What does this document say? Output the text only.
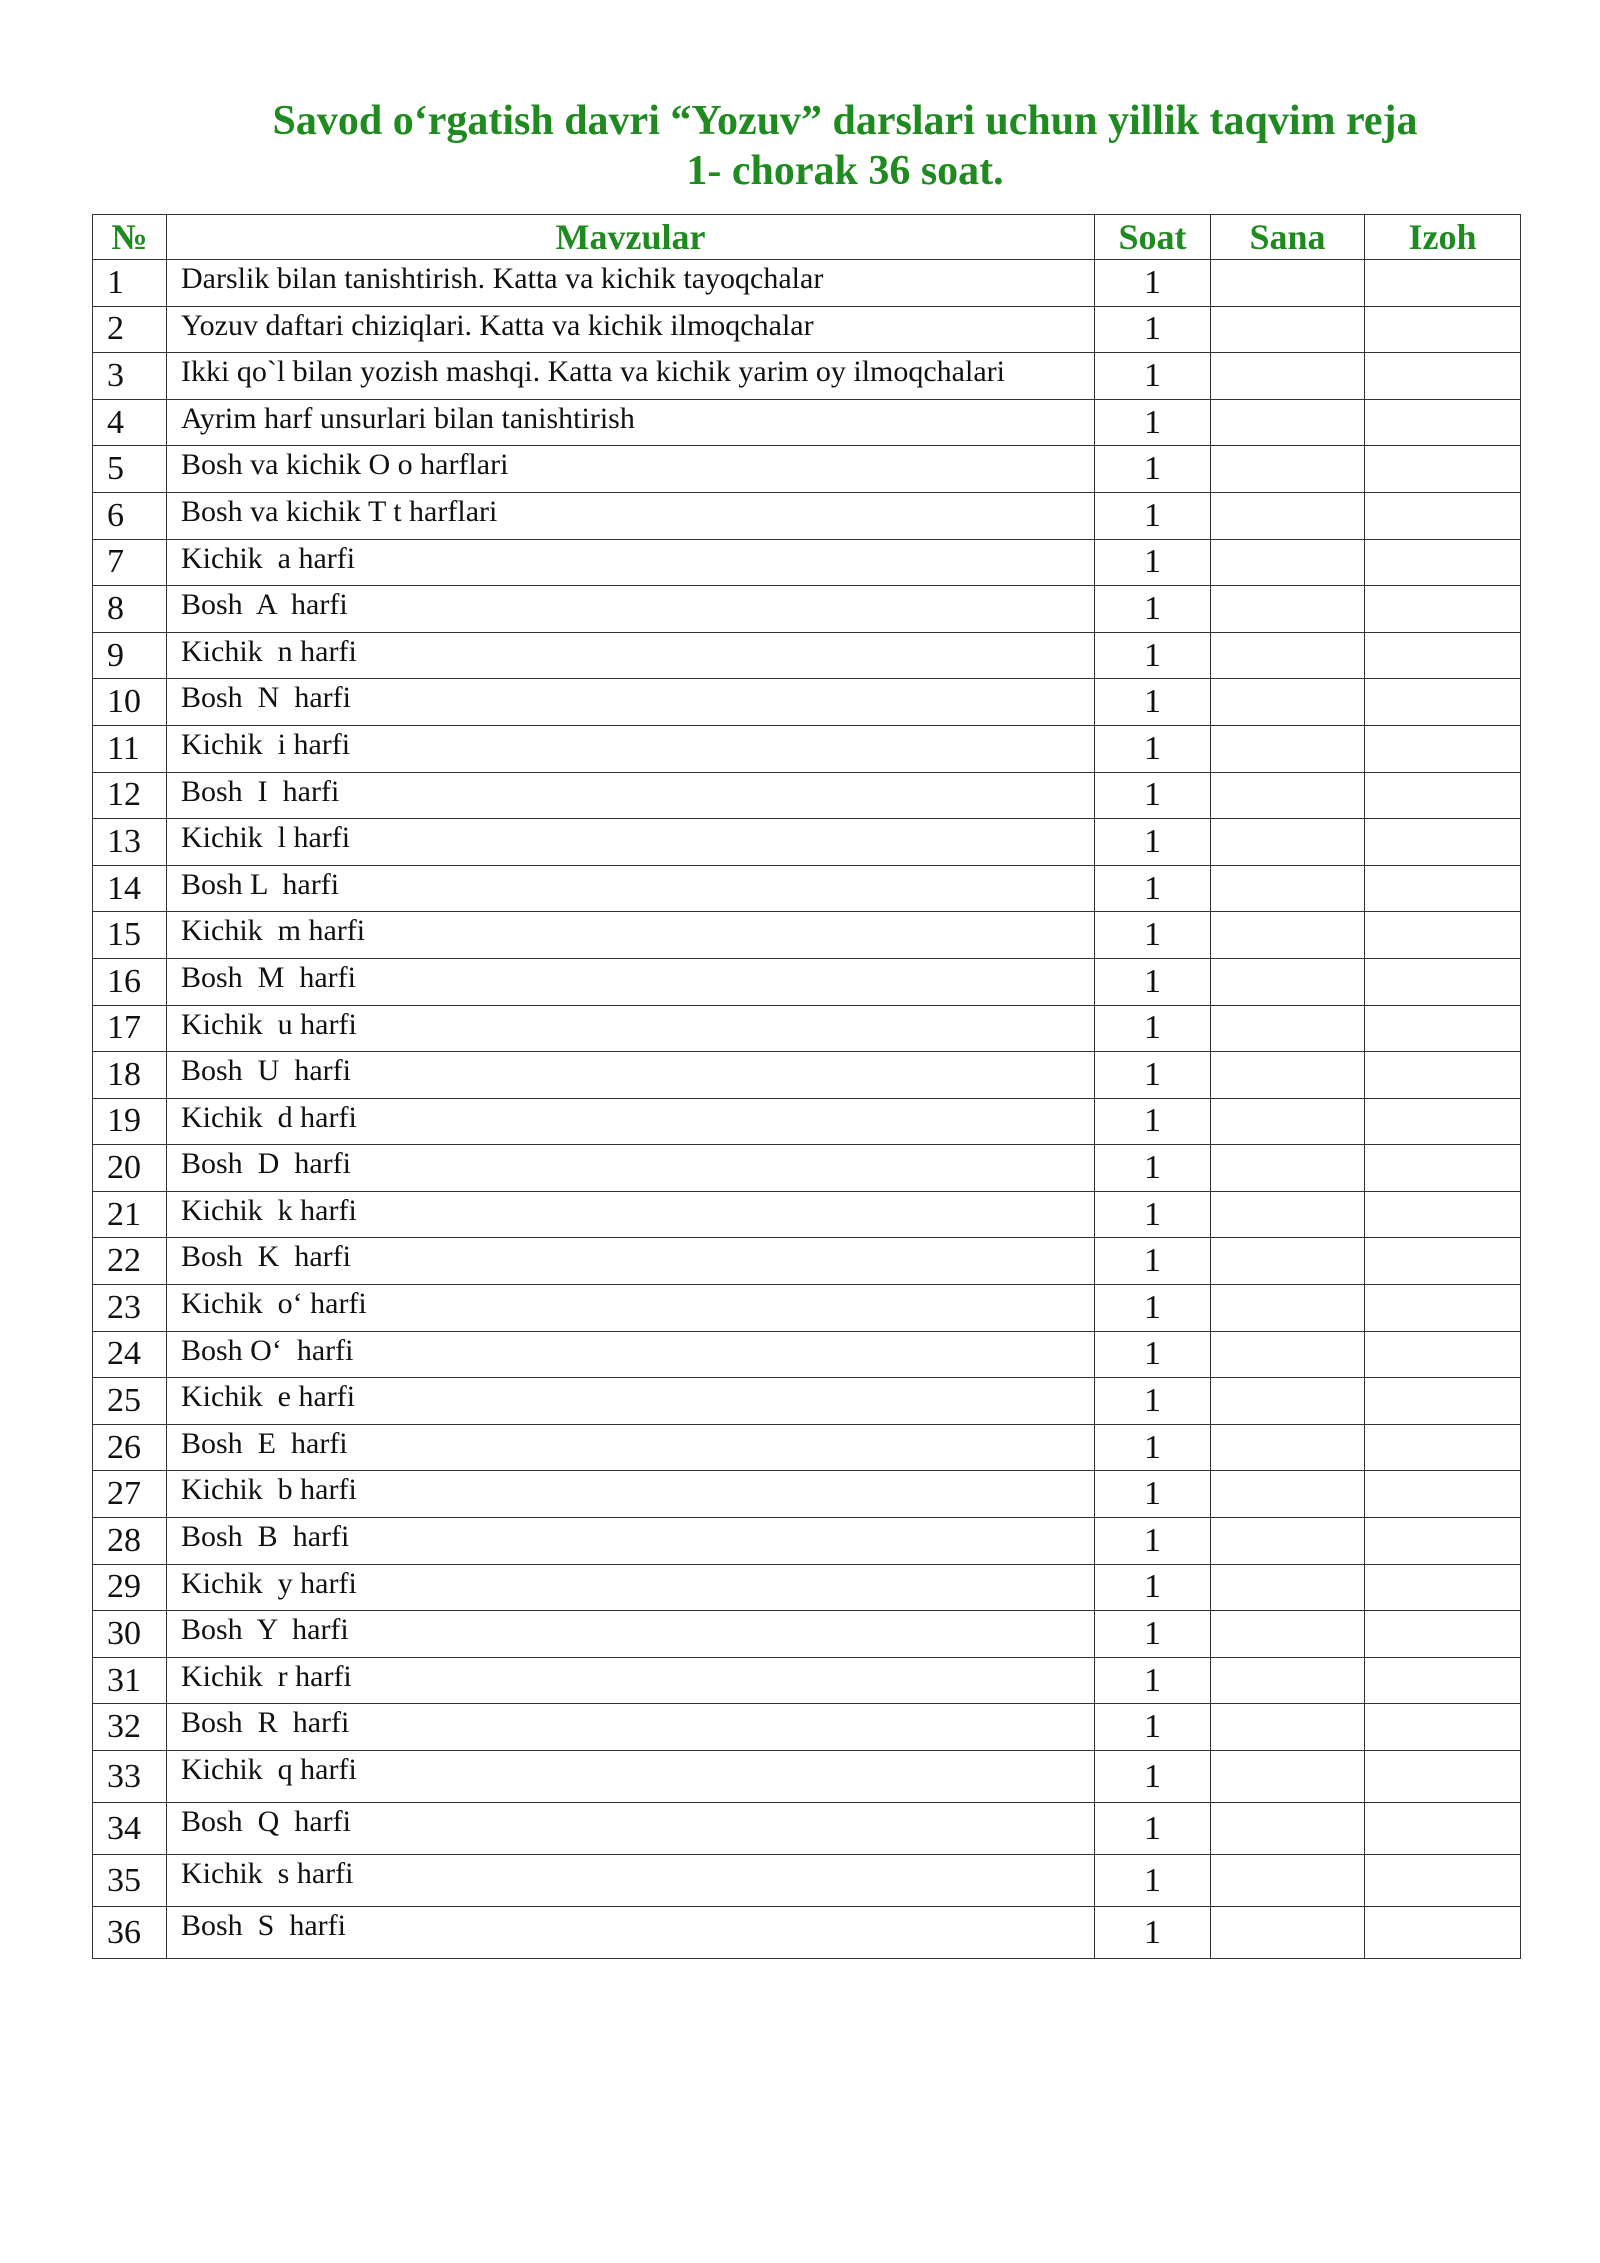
Savod o‘rgatish davri “Yozuv” darslari uchun yillik taqvim reja
1- chorak 36 soat.
№	Mavzular	Soat	Sana	Izoh
1	Darslik bilan tanishtirish. Katta va kichik tayoqchalar	1		
2	Yozuv daftari chiziqlari. Katta va kichik ilmoqchalar	1		
3	Ikki qo`l bilan yozish mashqi. Katta va kichik yarim oy ilmoqchalari	1		
4	Ayrim harf unsurlari bilan tanishtirish	1		
5	Bosh va kichik O o harflari	1		
6	Bosh va kichik T t harflari	1		
7	Kichik  a harfi	1		
8	Bosh  A  harfi	1		
9	Kichik  n harfi	1		
10	Bosh  N  harfi	1		
11	Kichik  i harfi	1		
12	Bosh  I  harfi	1		
13	Kichik  l harfi	1		
14	Bosh L  harfi	1		
15	Kichik  m harfi	1		
16	Bosh  M  harfi	1		
17	Kichik  u harfi	1		
18	Bosh  U  harfi	1		
19	Kichik  d harfi	1		
20	Bosh  D  harfi	1		
21	Kichik  k harfi	1		
22	Bosh  K  harfi	1		
23	Kichik  o‘ harfi	1		
24	Bosh O‘  harfi	1		
25	Kichik  e harfi	1		
26	Bosh  E  harfi	1		
27	Kichik  b harfi	1		
28	Bosh  B  harfi	1		
29	Kichik  y harfi	1		
30	Bosh  Y  harfi	1		
31	Kichik  r harfi	1		
32	Bosh  R  harfi	1		
33	Kichik  q harfi	1		
34	Bosh  Q  harfi	1		
35	Kichik  s harfi	1		
36	Bosh  S  harfi	1		
